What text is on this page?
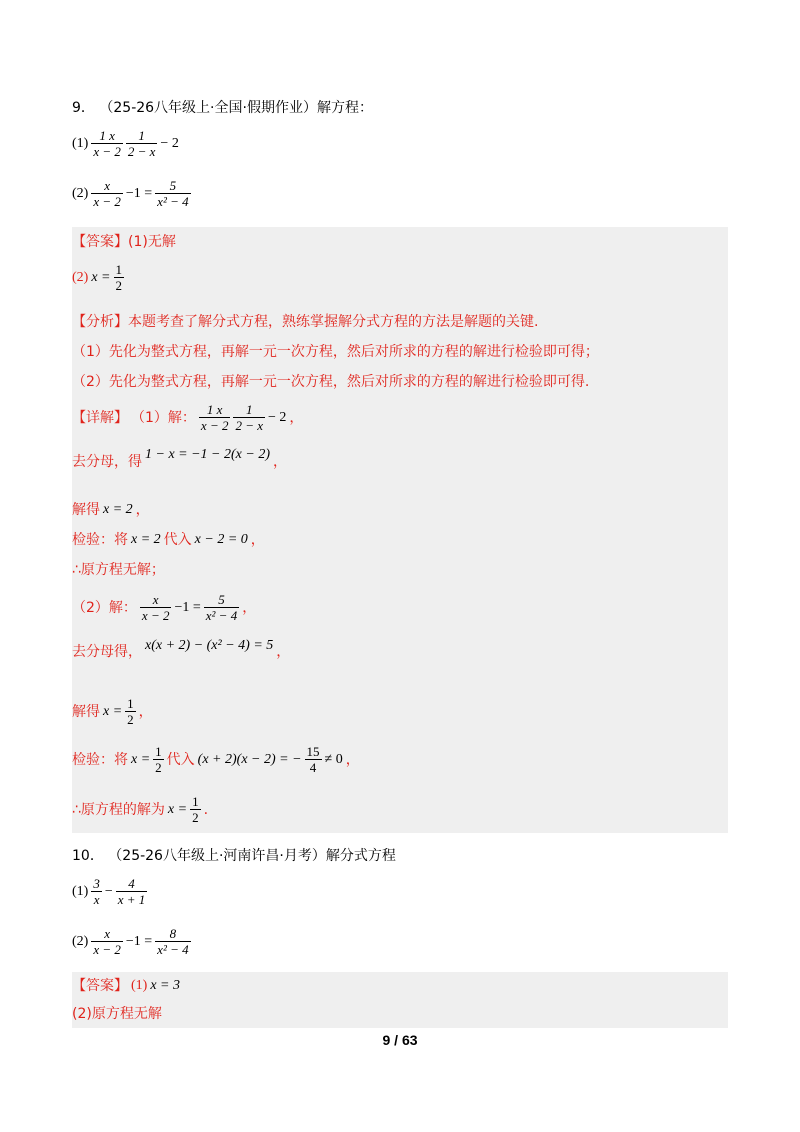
9． （25-26八年级上·全国·假期作业）解方程：
$(1) \frac{1 x}{x - 2} \frac{1}{2 - x} - 2$
$(2) \frac{x}{x - 2} -1 = \frac{5}{\text{x² − 4}}$
【答案】(1)无解
(2) $x = \frac{1}{2}$
【分析】本题考查了解分式方程，熟练掌握解分式方程的方法是解题的关键.
（1）先化为整式方程，再解一元一次方程，然后对所求的方程的解进行检验即可得；
（2）先化为整式方程，再解一元一次方程，然后对所求的方程的解进行检验即可得.
【详解】 （1）解： $\frac{1 x}{x - 2} \frac{1}{2 - x} - 2$ ，
去分母，得 1 − x = −1 − 2(x − 2) ，
解得 x = 2 ，
检验：将 x = 2 代入 x − 2 = 0 ，
∴原方程无解；
（2）解： $\frac{x}{x - 2} -1 = \frac{5}{\text{x² − 4}}$ ，
去分母得， x(x + 2) − (x² − 4) = 5 ，
解得 $x = \frac{1}{2}$ ，
检验：将 $x = \frac{1}{2}$ 代入 (x + 2)(x − 2) = − $\frac{15}{4} \ne 0$ ，
∴原方程的解为 $x = \frac{1}{2}$ .
10． （25-26八年级上·河南许昌·月考）解分式方程
$(1) \frac{3}{x} - \frac{4}{x + 1}$
$(2) \frac{x}{x - 2} -1 = \frac{8}{\text{x² − 4}}$
【答案】 (1) x = 3
(2)原方程无解
9 / 63
